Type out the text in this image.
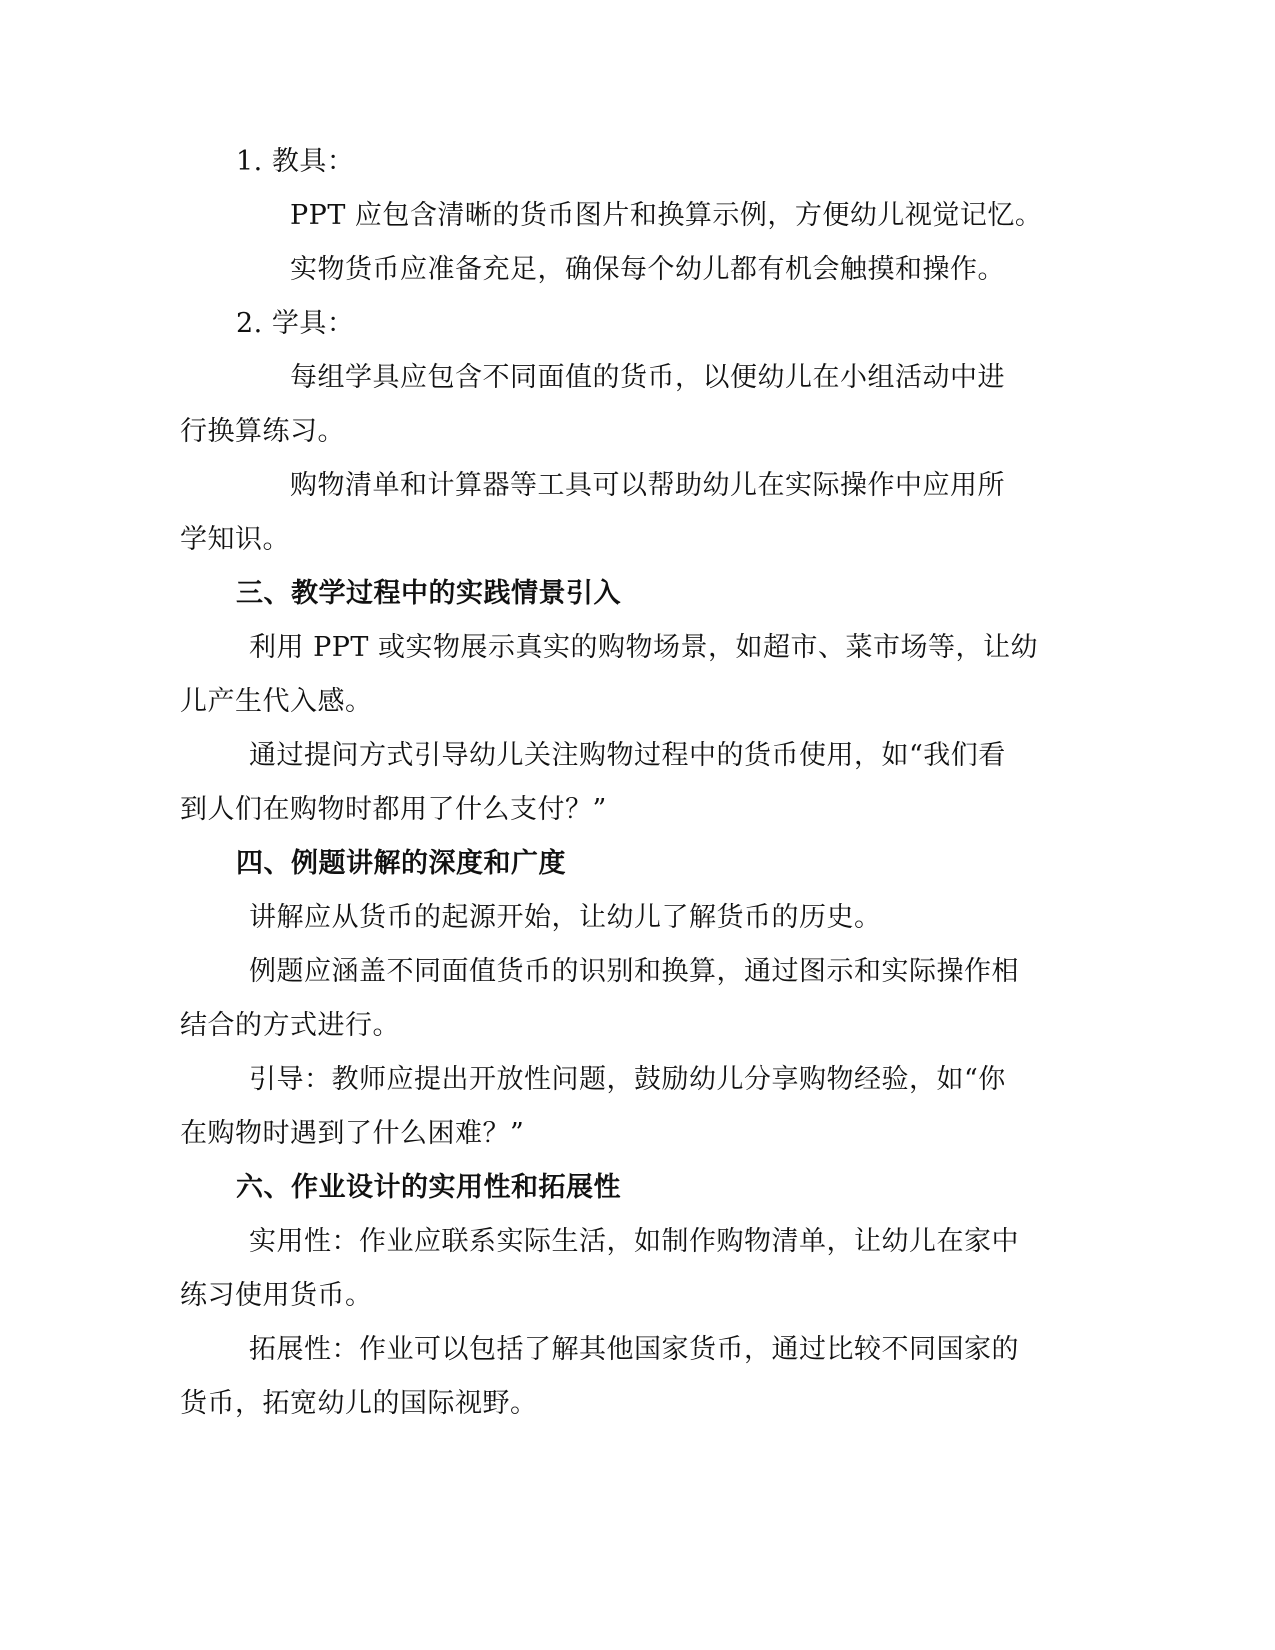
1. 教具：
PPT 应包含清晰的货币图片和换算示例，方便幼儿视觉记忆。
实物货币应准备充足，确保每个幼儿都有机会触摸和操作。
2. 学具：
每组学具应包含不同面值的货币，以便幼儿在小组活动中进
行换算练习。
购物清单和计算器等工具可以帮助幼儿在实际操作中应用所
学知识。
三、教学过程中的实践情景引入
利用 PPT 或实物展示真实的购物场景，如超市、菜市场等，让幼
儿产生代入感。
通过提问方式引导幼儿关注购物过程中的货币使用，如“我们看
到人们在购物时都用了什么支付？”
四、例题讲解的深度和广度
讲解应从货币的起源开始，让幼儿了解货币的历史。
例题应涵盖不同面值货币的识别和换算，通过图示和实际操作相
结合的方式进行。
引导：教师应提出开放性问题，鼓励幼儿分享购物经验，如“你
在购物时遇到了什么困难？”
六、作业设计的实用性和拓展性
实用性：作业应联系实际生活，如制作购物清单，让幼儿在家中
练习使用货币。
拓展性：作业可以包括了解其他国家货币，通过比较不同国家的
货币，拓宽幼儿的国际视野。
